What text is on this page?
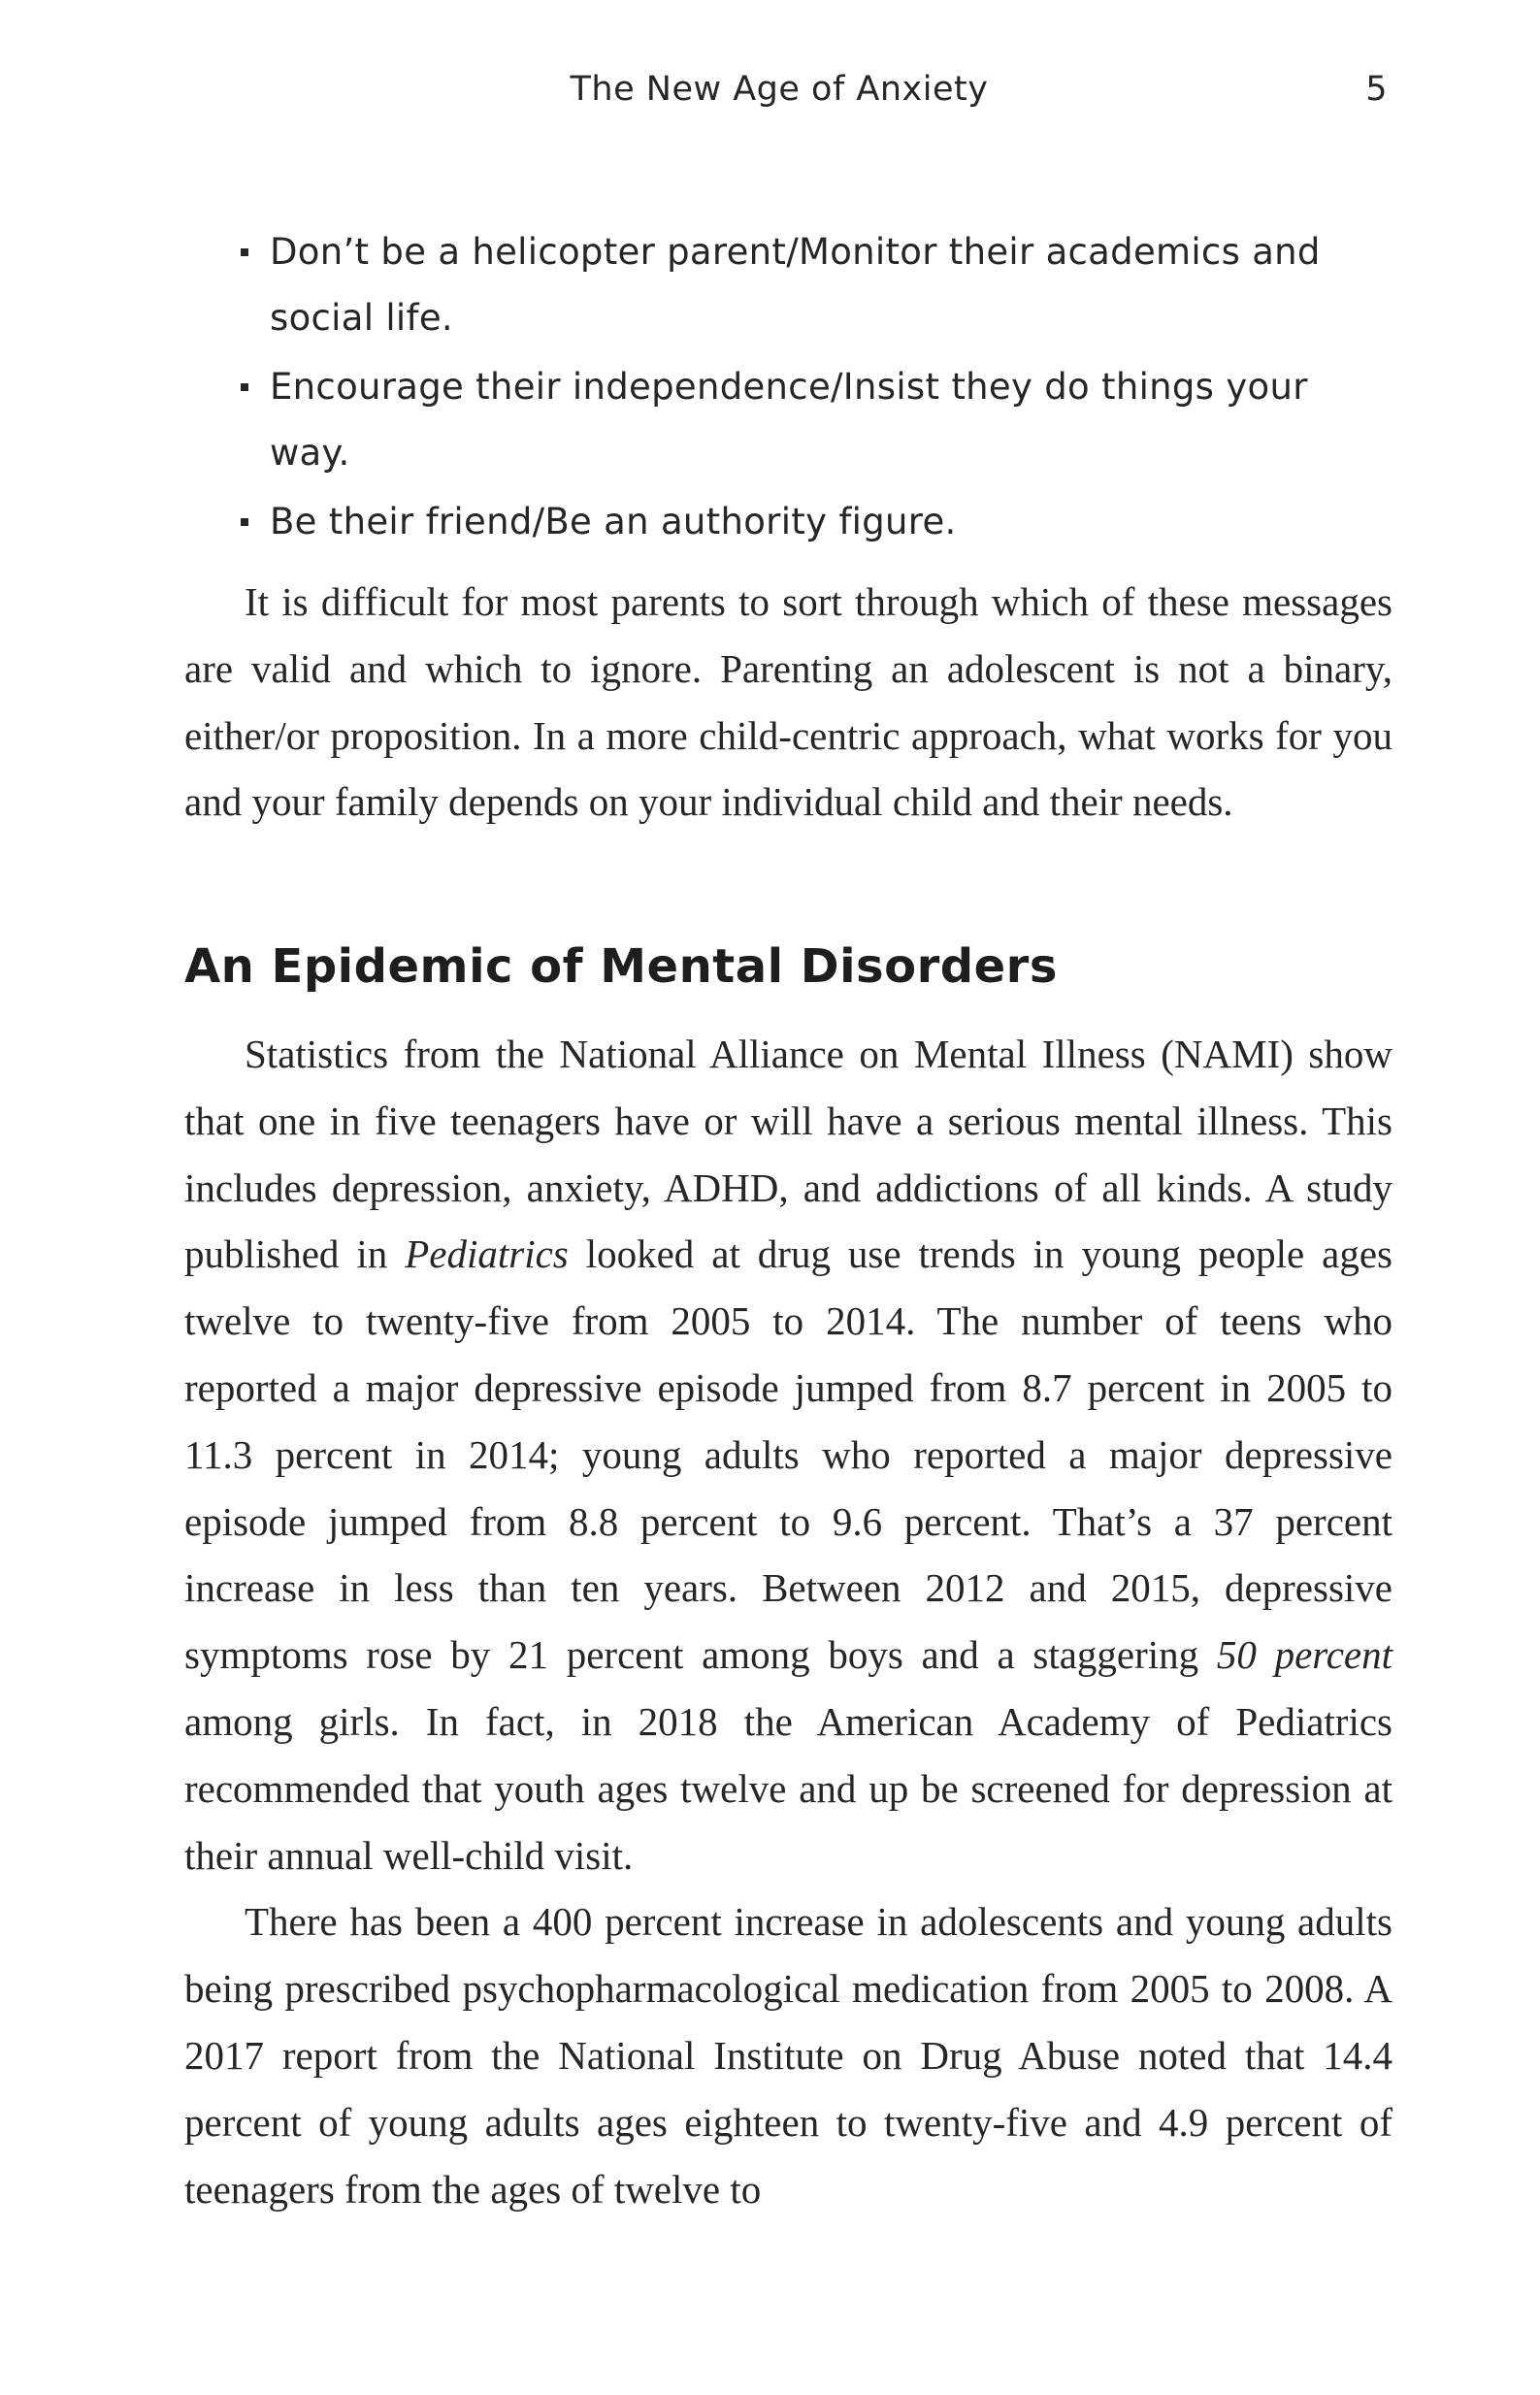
The New Age of Anxiety	5
Don’t be a helicopter parent/Monitor their academics and social life.
Encourage their independence/Insist they do things your way.
Be their friend/Be an authority figure.

It is difficult for most parents to sort through which of these messages are valid and which to ignore. Parenting an adolescent is not a binary, either/or proposition. In a more child-centric approach, what works for you and your family depends on your individual child and their needs.

An Epidemic of Mental Disorders

Statistics from the National Alliance on Mental Illness (NAMI) show that one in five teenagers have or will have a serious mental illness. This includes depression, anxiety, ADHD, and addictions of all kinds. A study published in Pediatrics looked at drug use trends in young people ages twelve to twenty-five from 2005 to 2014. The number of teens who reported a major depressive episode jumped from 8.7 percent in 2005 to 11.3 percent in 2014; young adults who reported a major depressive episode jumped from 8.8 percent to 9.6 percent. That’s a 37 percent increase in less than ten years. Between 2012 and 2015, depressive symptoms rose by 21 percent among boys and a staggering 50 percent among girls. In fact, in 2018 the American Academy of Pediatrics recommended that youth ages twelve and up be screened for depression at their annual well-child visit.

There has been a 400 percent increase in adolescents and young adults being prescribed psychopharmacological medication from 2005 to 2008. A 2017 report from the National Institute on Drug Abuse noted that 14.4 percent of young adults ages eighteen to twenty-five and 4.9 percent of teenagers from the ages of twelve to
